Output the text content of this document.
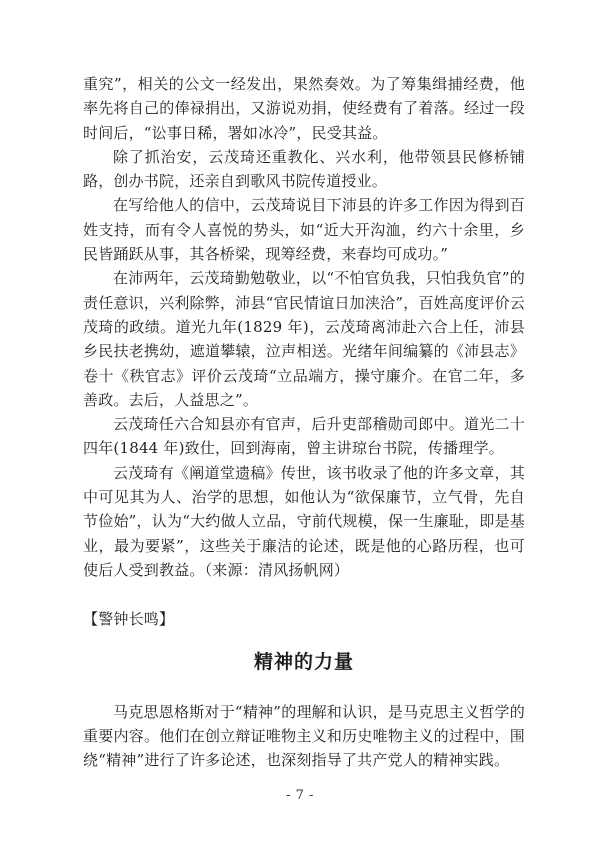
重究”，相关的公文一经发出，果然奏效。为了筹集缉捕经费，他率先将自己的俸禄捐出，又游说劝捐，使经费有了着落。经过一段时间后，“讼事日稀，署如冰冷”，民受其益。

除了抓治安，云茂琦还重教化、兴水利，他带领县民修桥铺路，创办书院，还亲自到歌风书院传道授业。

在写给他人的信中，云茂琦说目下沛县的许多工作因为得到百姓支持，而有令人喜悦的势头，如“近大开沟洫，约六十余里，乡民皆踊跃从事，其各桥梁，现筹经费，来春均可成功。”

在沛两年，云茂琦勤勉敬业，以“不怕官负我，只怕我负官”的责任意识，兴利除弊，沛县“官民情谊日加浃洽”，百姓高度评价云茂琦的政绩。道光九年(1829 年)，云茂琦离沛赴六合上任，沛县乡民扶老携幼，遮道攀辕，泣声相送。光绪年间编纂的《沛县志》卷十《秩官志》评价云茂琦“立品端方，操守廉介。在官二年，多善政。去后，人益思之”。

云茂琦任六合知县亦有官声，后升吏部稽勋司郎中。道光二十四年(1844 年)致仕，回到海南，曾主讲琼台书院，传播理学。

云茂琦有《阐道堂遗稿》传世，该书收录了他的许多文章，其中可见其为人、治学的思想，如他认为“欲保廉节，立气骨，先自节俭始”，认为“大约做人立品，守前代规模，保一生廉耻，即是基业，最为要紧”，这些关于廉洁的论述，既是他的心路历程，也可使后人受到教益。（来源：清风扬帆网）

【警钟长鸣】
精神的力量

马克思恩格斯对于“精神”的理解和认识，是马克思主义哲学的重要内容。他们在创立辩证唯物主义和历史唯物主义的过程中，围绕“精神”进行了许多论述，也深刻指导了共产党人的精神实践。

- 7 -
